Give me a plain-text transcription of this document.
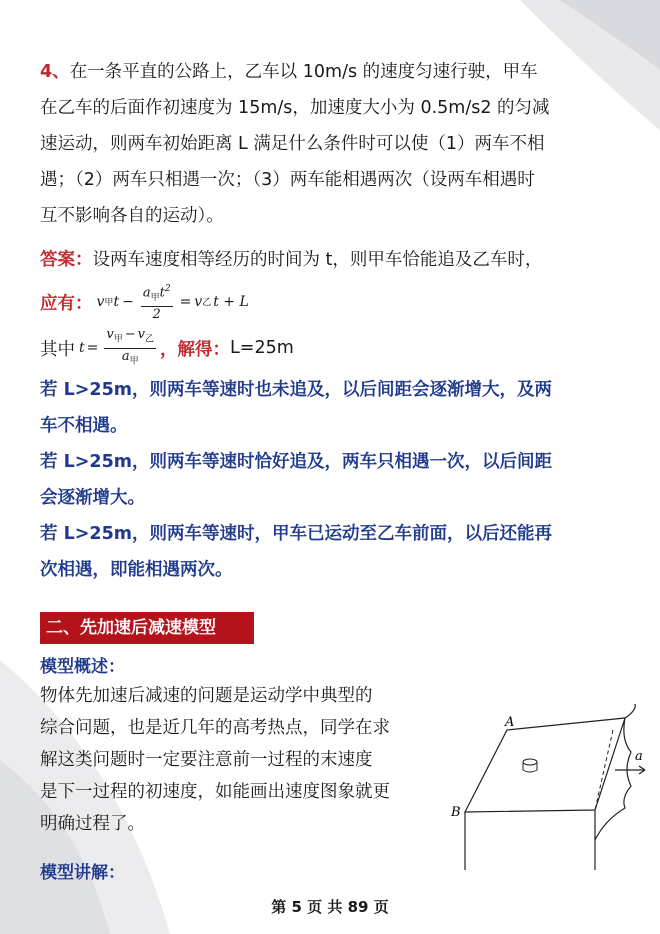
4、在一条平直的公路上，乙车以 10m/s 的速度匀速行驶，甲车

在乙车的后面作初速度为 15m/s，加速度大小为 0.5m/s2 的匀减

速运动，则两车初始距离 L 满足什么条件时可以使（1）两车不相

遇；（2）两车只相遇一次；（3）两车能相遇两次（设两车相遇时

互不影响各自的运动）。

答案：设两车速度相等经历的时间为 t，则甲车恰能追及乙车时，

应有： v 甲 $t - \frac{a_甲t^2}{2} = v$ 乙 t + L
其中 $t = \frac{v_甲 - v_乙}{a_甲}$ ，解得： L=25m

若 L>25m，则两车等速时也未追及，以后间距会逐渐增大，及两

车不相遇。

若 L>25m，则两车等速时恰好追及，两车只相遇一次，以后间距

会逐渐增大。

若 L>25m，则两车等速时，甲车已运动至乙车前面，以后还能再

次相遇，即能相遇两次。

二、先加速后减速模型
模型概述：
物体先加速后减速的问题是运动学中典型的
综合问题，也是近几年的高考热点，同学在求
解这类问题时一定要注意前一过程的末速度
是下一过程的初速度，如能画出速度图象就更
明确过程了。
模型讲解：
A
B
a
第 5 页 共 89 页
